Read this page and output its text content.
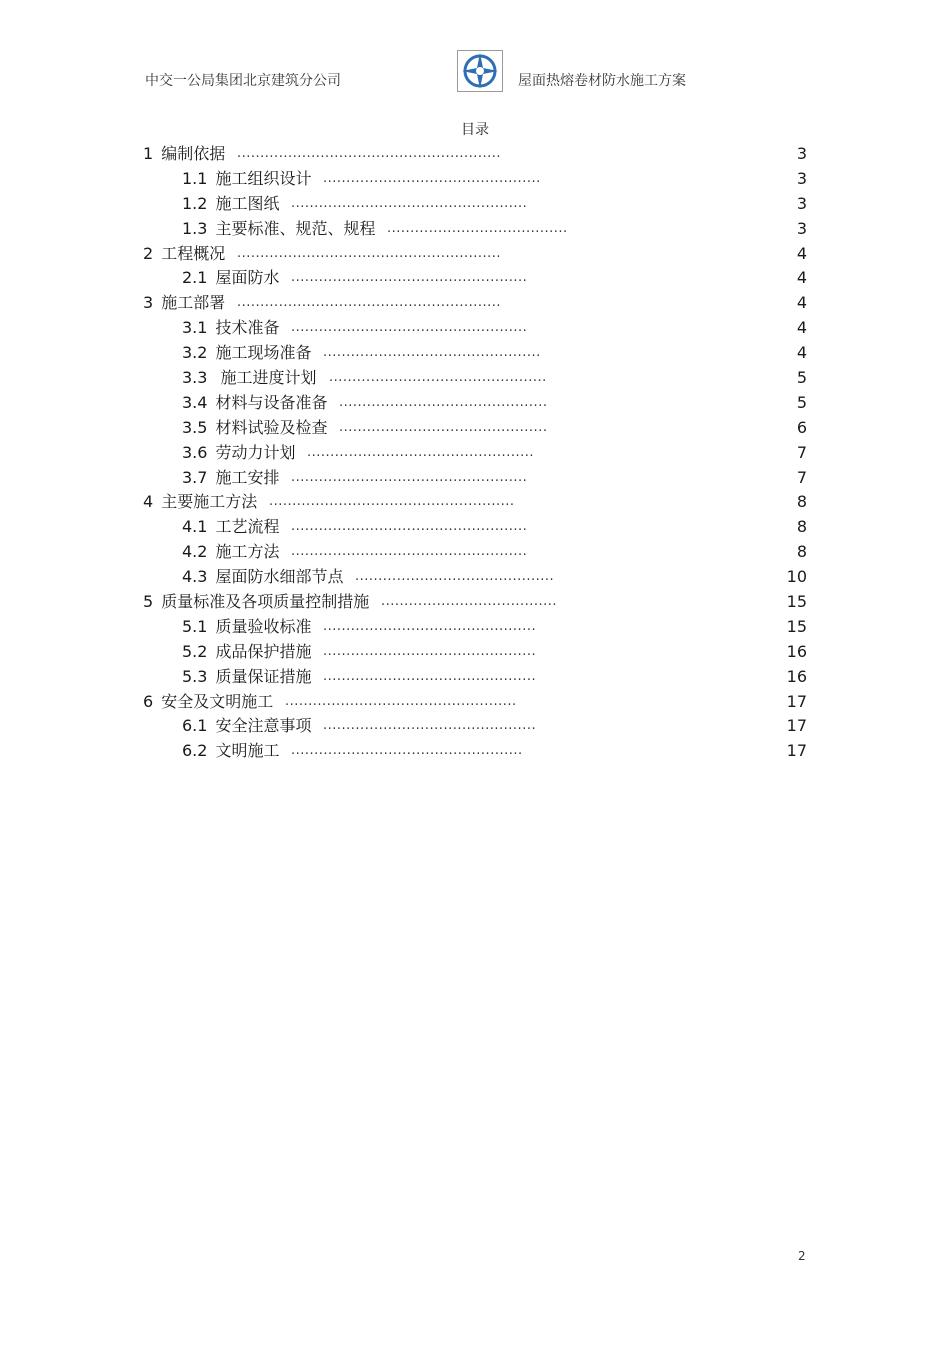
中交一公局集团北京建筑分公司	屋面热熔卷材防水施工方案
目录
1 编制依据 .........................................................	3
1.1 施工组织设计 ...............................................	3
1.2 施工图纸 ...................................................	3
1.3 主要标准、规范、规程 .......................................	3
2 工程概况 .........................................................	4
2.1 屋面防水 ...................................................	4
3 施工部署 .........................................................	4
3.1 技术准备 ...................................................	4
3.2 施工现场准备 ...............................................	4
3.3 施工进度计划 ...............................................	5
3.4 材料与设备准备 .............................................	5
3.5 材料试验及检查 .............................................	6
3.6 劳动力计划 .................................................	7
3.7 施工安排 ...................................................	7
4 主要施工方法 .....................................................	8
4.1 工艺流程 ...................................................	8
4.2 施工方法 ...................................................	8
4.3 屋面防水细部节点 ...........................................	10
5 质量标准及各项质量控制措施 ......................................	15
5.1 质量验收标准 ..............................................	15
5.2 成品保护措施 ..............................................	16
5.3 质量保证措施 ..............................................	16
6 安全及文明施工 ..................................................	17
6.1 安全注意事项 ..............................................	17
6.2 文明施工 ..................................................	17
2
